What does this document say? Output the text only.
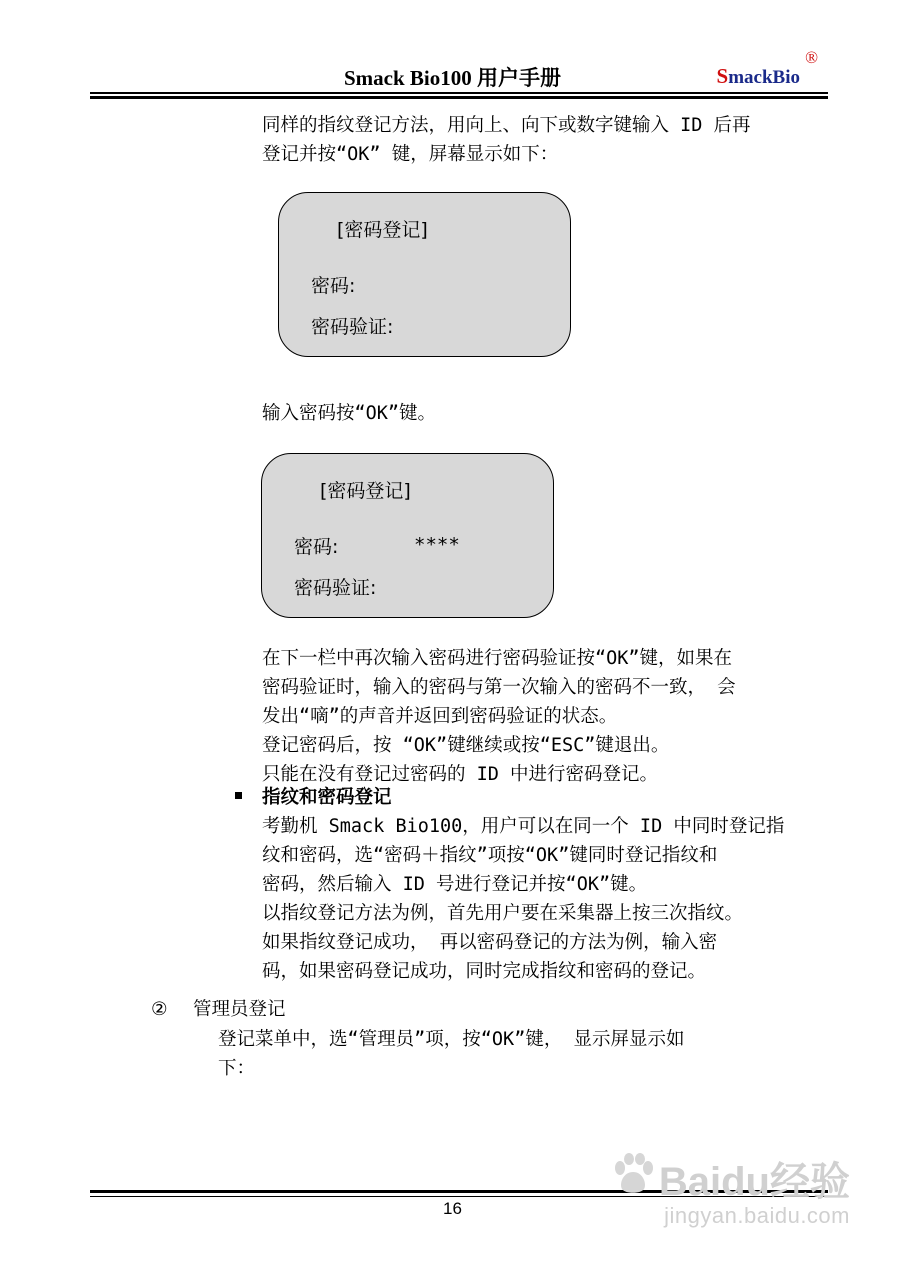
Smack Bio100 用户手册	SmackBio
®
同样的指纹登记方法，用向上、向下或数字键输入 ID 后再
登记并按“OK” 键，屏幕显示如下：
[密码登记]
密码:
密码验证:
输入密码按“OK”键。
[密码登记]
密码:	****
密码验证:
在下一栏中再次输入密码进行密码验证按“OK”键，如果在
密码验证时，输入的密码与第一次输入的密码不一致， 会
发出“嘀”的声音并返回到密码验证的状态。
登记密码后，按 “OK”键继续或按“ESC”键退出。
只能在没有登记过密码的 ID 中进行密码登记。
指纹和密码登记
考勤机 Smack Bio100，用户可以在同一个 ID 中同时登记指
纹和密码，选“密码＋指纹”项按“OK”键同时登记指纹和
密码，然后输入 ID 号进行登记并按“OK”键。
以指纹登记方法为例，首先用户要在采集器上按三次指纹。
如果指纹登记成功， 再以密码登记的方法为例，输入密
码，如果密码登记成功，同时完成指纹和密码的登记。
② 管理员登记
登记菜单中，选“管理员”项，按“OK”键， 显示屏显示如
下：
16
Baidu经验
jingyan.baidu.com
